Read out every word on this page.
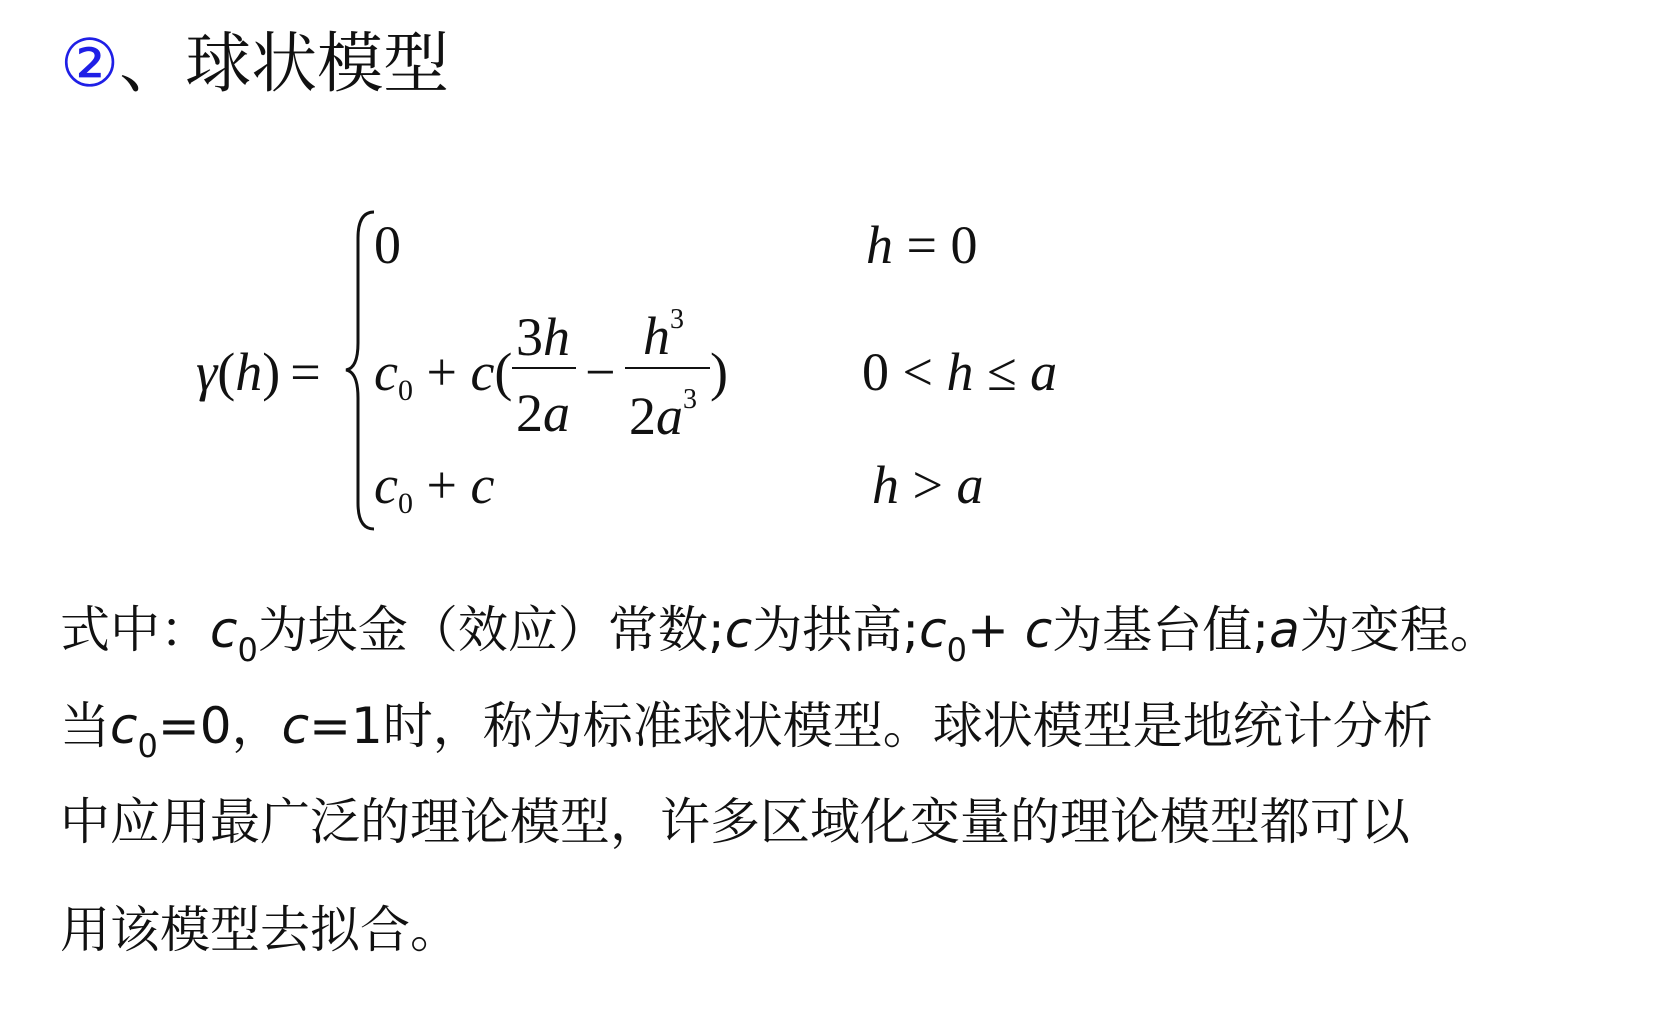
②、球状模型
γ(h) =
0	h = 0
$c_0 + c$(
3h
2a
−
$h^3$
$2a^3$ ) 0 < h ≤ a
$c_0 + c$	h > a
式中：$c_0$为块金（效应）常数;c为拱高$;c_0+ c$为基台值;a为变程。
当$c_0=0$，c=1时，称为标准球状模型。球状模型是地统计分析
中应用最广泛的理论模型，许多区域化变量的理论模型都可以
用该模型去拟合。
